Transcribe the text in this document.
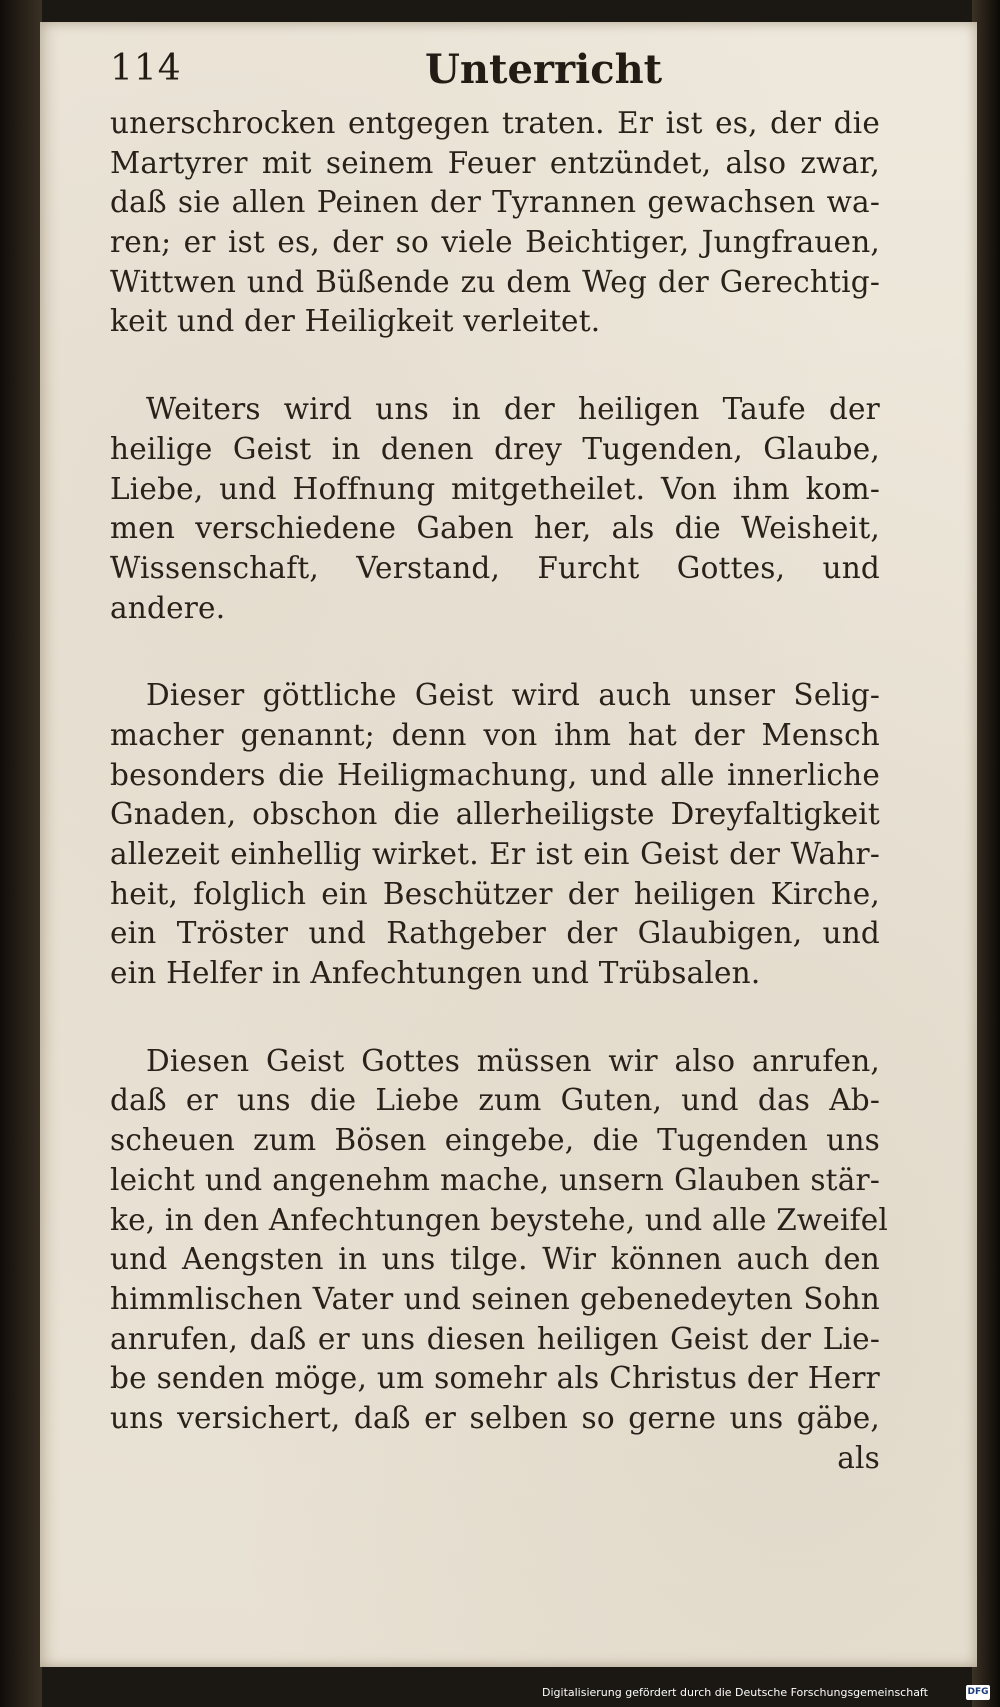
114	Unterricht
unerschrocken entgegen traten. Er ist es, der die
Martyrer mit seinem Feuer entzündet, also zwar,
daß sie allen Peinen der Tyrannen gewachsen wa-
ren; er ist es, der so viele Beichtiger, Jungfrauen,
Wittwen und Büßende zu dem Weg der Gerechtig-
keit und der Heiligkeit verleitet.
Weiters wird uns in der heiligen Taufe der
heilige Geist in denen drey Tugenden, Glaube,
Liebe, und Hoffnung mitgetheilet. Von ihm kom-
men verschiedene Gaben her, als die Weisheit,
Wissenschaft, Verstand, Furcht Gottes, und
andere.
Dieser göttliche Geist wird auch unser Selig-
macher genannt; denn von ihm hat der Mensch
besonders die Heiligmachung, und alle innerliche
Gnaden, obschon die allerheiligste Dreyfaltigkeit
allezeit einhellig wirket. Er ist ein Geist der Wahr-
heit, folglich ein Beschützer der heiligen Kirche,
ein Tröster und Rathgeber der Glaubigen, und
ein Helfer in Anfechtungen und Trübsalen.
Diesen Geist Gottes müssen wir also anrufen,
daß er uns die Liebe zum Guten, und das Ab-
scheuen zum Bösen eingebe, die Tugenden uns
leicht und angenehm mache, unsern Glauben stär-
ke, in den Anfechtungen beystehe, und alle Zweifel
und Aengsten in uns tilge. Wir können auch den
himmlischen Vater und seinen gebenedeyten Sohn
anrufen, daß er uns diesen heiligen Geist der Lie-
be senden möge, um somehr als Christus der Herr
uns versichert, daß er selben so gerne uns gäbe,
als
Digitalisierung gefördert durch die Deutsche Forschungsgemeinschaft	DFG
